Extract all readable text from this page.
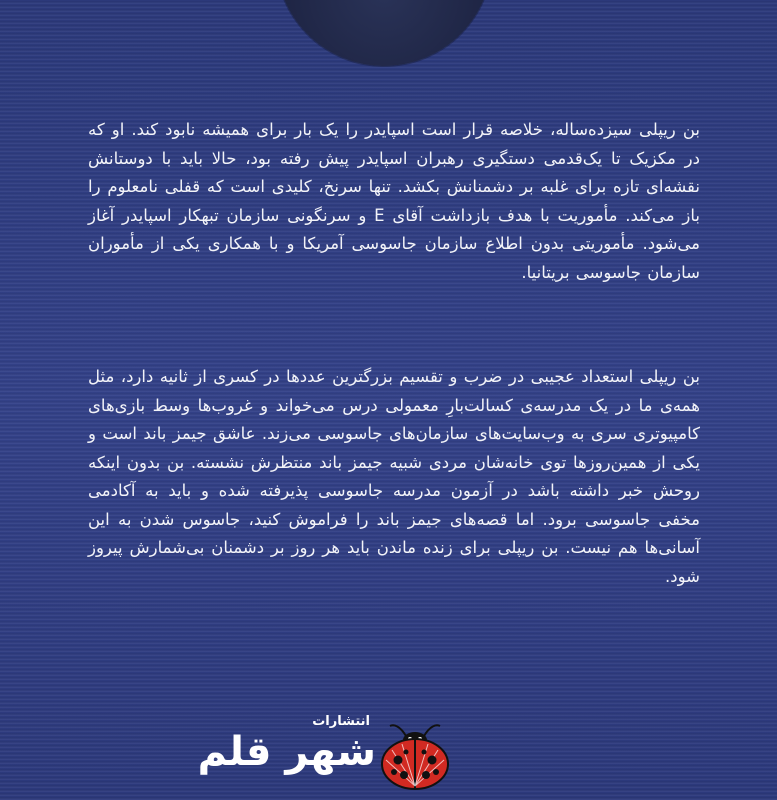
بن ریپلی سیزده‌ساله، خلاصه قرار است اسپایدر را یک بار برای همیشه نابود کند. او که در مکزیک تا یک‌قدمی دستگیری رهبران اسپایدر پیش رفته بود، حالا باید با دوستانش نقشه‌ای تازه برای غلبه بر دشمنانش بکشد. تنها سرنخ، کلیدی است که قفلی نامعلوم را باز می‌کند. مأموریت با هدف بازداشت آقای E و سرنگونی سازمان تبهکار اسپایدر آغاز می‌شود. مأموریتی بدون اطلاع سازمان جاسوسی آمریکا و با همکاری یکی از مأموران سازمان جاسوسی بریتانیا.

بن ریپلی استعداد عجیبی در ضرب و تقسیم بزرگترین عددها در کسری از ثانیه دارد، مثل همه‌ی ما در یک مدرسه‌ی کسالت‌بارِ معمولی درس می‌خواند و غروب‌ها وسط بازی‌های کامپیوتری سری به وب‌سایت‌های سازمان‌های جاسوسی می‌زند. عاشق جیمز باند است و یکی از همین‌روزها توی خانه‌شان مردی شبیه جیمز باند منتظرش نشسته. بن بدون اینکه روحش خبر داشته باشد در آزمون مدرسه جاسوسی پذیرفته شده و باید به آکادمی مخفی جاسوسی برود. اما قصه‌های جیمز باند را فراموش کنید، جاسوس شدن به این آسانی‌ها هم نیست. بن ریپلی برای زنده ماندن باید هر روز بر دشمنان بی‌شمارش پیروز شود.

انتشارات
شهر قلم
